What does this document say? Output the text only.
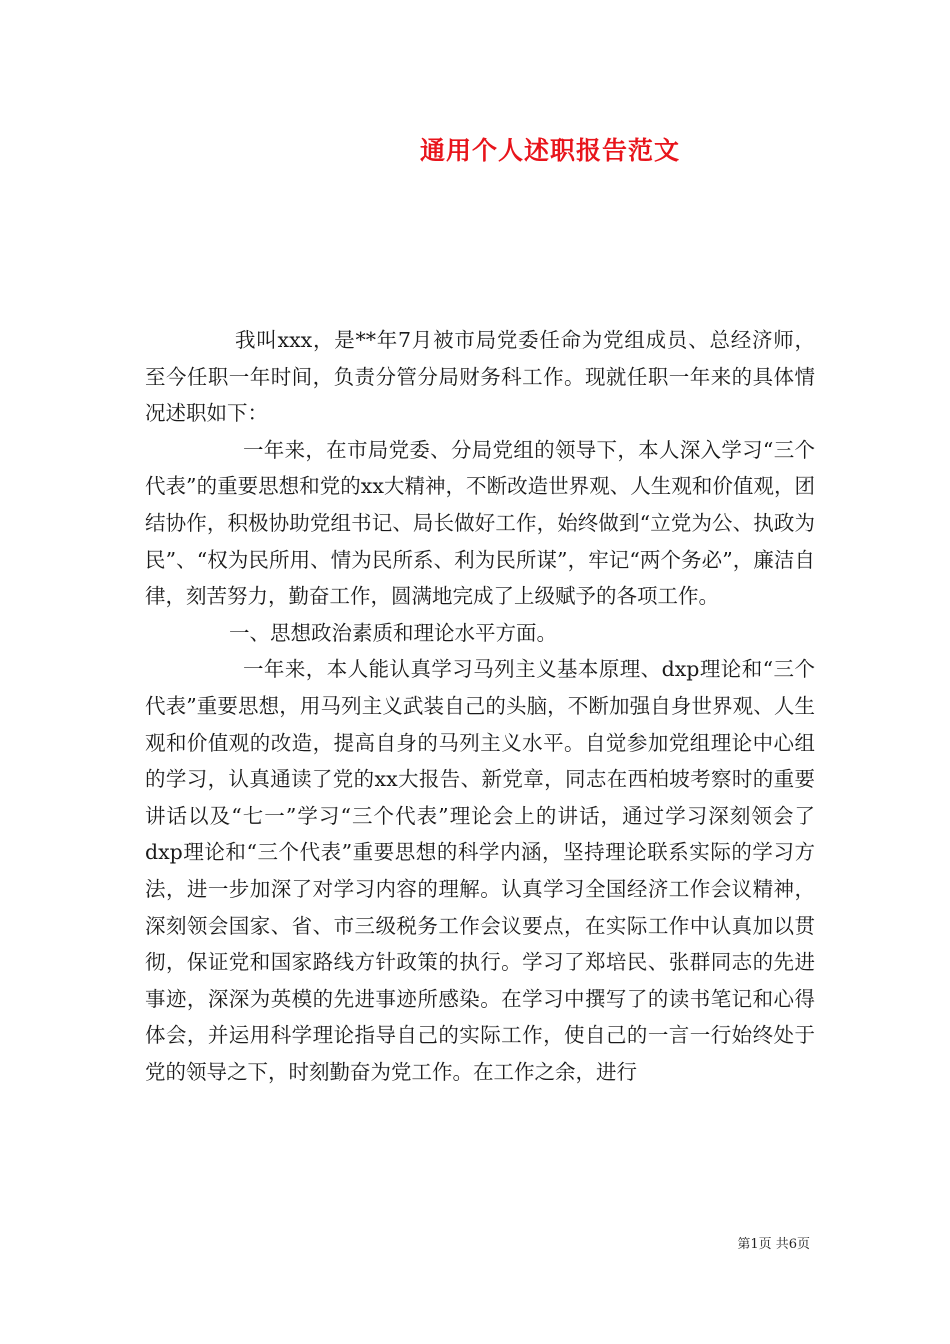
通用个人述职报告范文

我叫xxx，是**年7月被市局党委任命为党组成员、总经济师，至今任职一年时间，负责分管分局财务科工作。现就任职一年来的具体情况述职如下：

一年来，在市局党委、分局党组的领导下，本人深入学习“三个代表”的重要思想和党的xx大精神，不断改造世界观、人生观和价值观，团结协作，积极协助党组书记、局长做好工作，始终做到“立党为公、执政为民”、“权为民所用、情为民所系、利为民所谋”，牢记“两个务必”，廉洁自律，刻苦努力，勤奋工作，圆满地完成了上级赋予的各项工作。

一、思想政治素质和理论水平方面。

一年来，本人能认真学习马列主义基本原理、dxp理论和“三个代表”重要思想，用马列主义武装自己的头脑，不断加强自身世界观、人生观和价值观的改造，提高自身的马列主义水平。自觉参加党组理论中心组的学习，认真通读了党的xx大报告、新党章，同志在西柏坡考察时的重要讲话以及“七一”学习“三个代表”理论会上的讲话，通过学习深刻领会了dxp理论和“三个代表”重要思想的科学内涵，坚持理论联系实际的学习方法，进一步加深了对学习内容的理解。认真学习全国经济工作会议精神，深刻领会国家、省、市三级税务工作会议要点，在实际工作中认真加以贯彻，保证党和国家路线方针政策的执行。学习了郑培民、张群同志的先进事迹，深深为英模的先进事迹所感染。在学习中撰写了的读书笔记和心得体会，并运用科学理论指导自己的实际工作，使自己的一言一行始终处于党的领导之下，时刻勤奋为党工作。在工作之余，进行

第1页 共6页
